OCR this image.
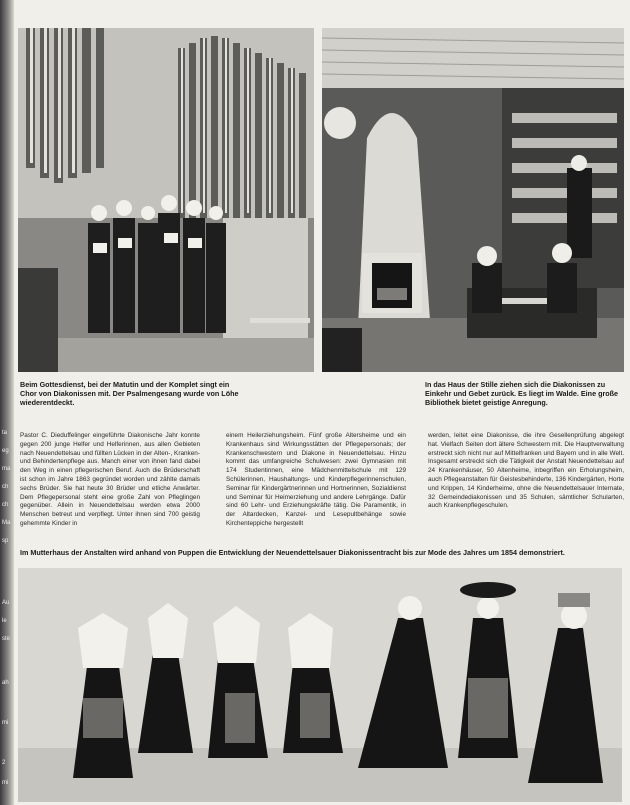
ta
eg
ma
ch
ch
Ma
sp
Au
le
ste
ah
mi
2
mi
Beim Gottesdienst, bei der Matutin und der Komplet singt ein Chor von Diakonissen mit. Der Psalmengesang wurde von Löhe wiederentdeckt.
In das Haus der Stille ziehen sich die Diakonissen zu Einkehr und Gebet zurück. Es liegt im Walde. Eine große Bibliothek bietet geistige Anregung.

Pastor C. Dieduffelinger eingeführte Diakonische Jahr konnte gegen 200 junge Helfer und Helferinnen, aus allen Gebieten nach Neuendettelsau und füllten Lücken in der Alten-, Kranken- und Behindertenpflege aus. Manch einer von ihnen fand dabei den Weg in einen pflegerischen Beruf. Auch die Brüderschaft ist schon im Jahre 1863 gegründet worden und zählte damals sechs Brüder. Sie hat heute 30 Brüder und etliche Anwärter. Dem Pflegepersonal steht eine große Zahl von Pfleglingen gegenüber. Allein in Neuendettelsau werden etwa 2000 Menschen betreut und verpflegt. Unter ihnen sind 700 geistig gehemmte Kinder in

einem Heilerziehungsheim. Fünf große Altersheime und ein Krankenhaus sind Wirkungsstätten der Pflegepersonals; der Krankenschwestern und Diakone in Neuendettelsau. Hinzu kommt das umfangreiche Schulwesen: zwei Gymnasien mit 174 Studentinnen, eine Mädchenmittelschule mit 129 Schülerinnen, Haushaltungs- und Kinderpflegerinnenschulen, Seminar für Kindergärtnerinnen und Hortnerinnen, Sozialdienst und Seminar für Heimerziehung und andere Lehrgänge. Dafür sind 60 Lehr- und Erziehungskräfte tätig. Die Paramentik, in der Altardecken, Kanzel- und Lesepultbehänge sowie Kirchenteppiche hergestellt

werden, leitet eine Diakonisse, die ihre Gesellenprüfung abgelegt hat. Vielfach Seiten dort ältere Schwestern mit. Die Hauptverwaltung erstreckt sich nicht nur auf Mittelfranken und Bayern und in alle Welt. Insgesamt erstreckt sich die Tätigkeit der Anstalt Neuendettelsau auf 24 Krankenhäuser, 50 Altenheime, inbegriffen ein Erholungsheim, auch Pflegeanstalten für Geistesbehinderte, 136 Kindergärten, Horte und Krippen, 14 Kinderheime, ohne die Neuendettelsauer Internate, 32 Gemeindediakonissen und 35 Schulen, sämtlicher Schularten, auch Krankenpflegeschulen.

Im Mutterhaus der Anstalten wird anhand von Puppen die Entwicklung der Neuendettelsauer Diakonissentracht bis zur Mode des Jahres um 1854 demonstriert.
